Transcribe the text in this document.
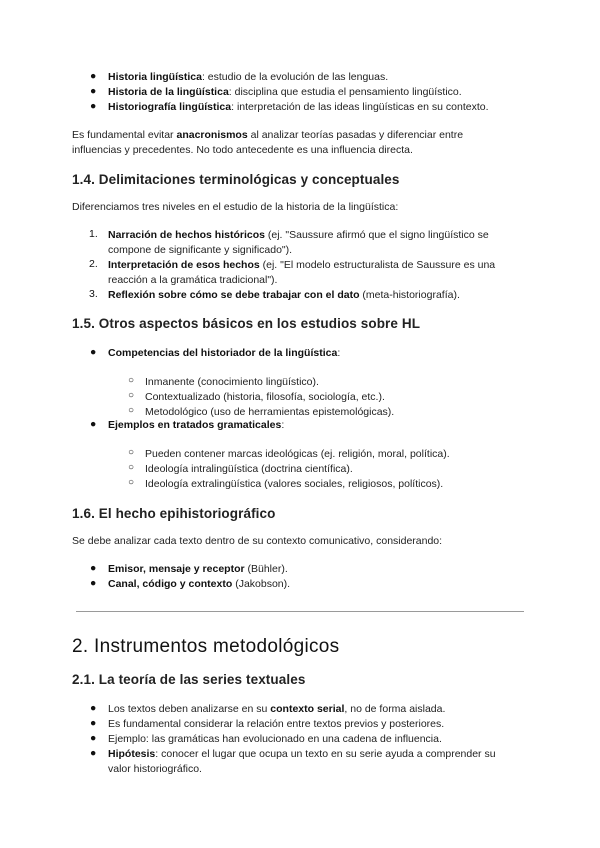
● Historia lingüística: estudio de la evolución de las lenguas.
● Historia de la lingüística: disciplina que estudia el pensamiento lingüístico.
● Historiografía lingüística: interpretación de las ideas lingüísticas en su contexto.
Es fundamental evitar anacronismos al analizar teorías pasadas y diferenciar entre
influencias y precedentes. No todo antecedente es una influencia directa.
1.4. Delimitaciones terminológicas y conceptuales
Diferenciamos tres niveles en el estudio de la historia de la lingüística:
1. Narración de hechos históricos (ej. "Saussure afirmó que el signo lingüístico se
compone de significante y significado").
2. Interpretación de esos hechos (ej. "El modelo estructuralista de Saussure es una
reacción a la gramática tradicional").
3. Reflexión sobre cómo se debe trabajar con el dato (meta-historiografía).
1.5. Otros aspectos básicos en los estudios sobre HL
● Competencias del historiador de la lingüística:
○ Inmanente (conocimiento lingüístico).
○ Contextualizado (historia, filosofía, sociología, etc.).
○ Metodológico (uso de herramientas epistemológicas).
● Ejemplos en tratados gramaticales:
○ Pueden contener marcas ideológicas (ej. religión, moral, política).
○ Ideología intralingüística (doctrina científica).
○ Ideología extralingüística (valores sociales, religiosos, políticos).
1.6. El hecho epihistoriográfico
Se debe analizar cada texto dentro de su contexto comunicativo, considerando:
● Emisor, mensaje y receptor (Bühler).
● Canal, código y contexto (Jakobson).
2. Instrumentos metodológicos
2.1. La teoría de las series textuales
● Los textos deben analizarse en su contexto serial, no de forma aislada.
● Es fundamental considerar la relación entre textos previos y posteriores.
● Ejemplo: las gramáticas han evolucionado en una cadena de influencia.
● Hipótesis: conocer el lugar que ocupa un texto en su serie ayuda a comprender su
valor historiográfico.
